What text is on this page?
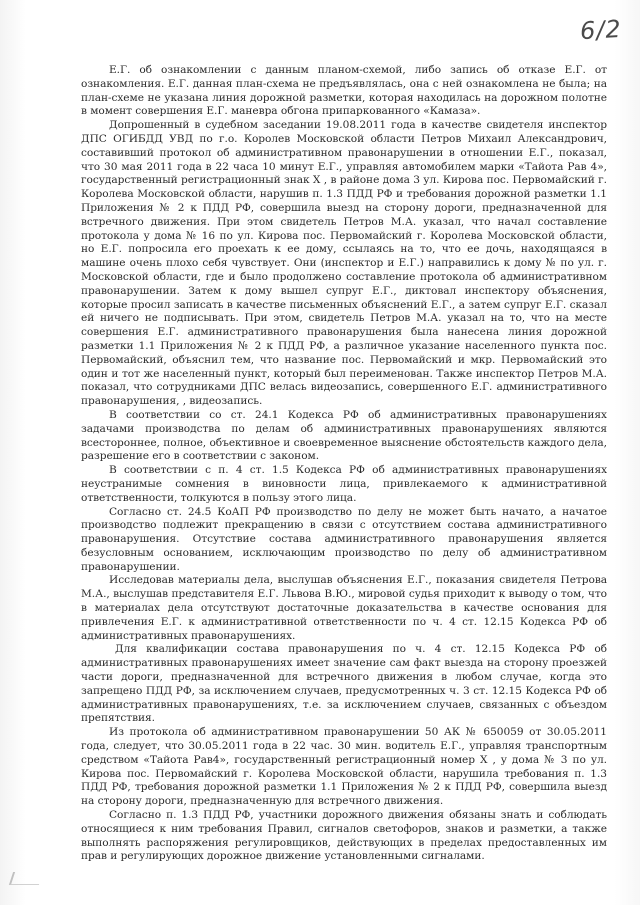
6/2

Е.Г. об ознакомлении с данным планом-схемой, либо запись об отказе Е.Г. от ознакомления. Е.Г. данная план-схема не предъявлялась, она с ней ознакомлена не была; на план-схеме не указана линия дорожной разметки, которая находилась на дорожном полотне в момент совершения Е.Г. маневра обгона припаркованного «Камаза».

Допрошенный в судебном заседании 19.08.2011 года в качестве свидетеля инспектор ДПС ОГИБДД УВД по г.о. Королев Московской области Петров Михаил Александрович, составивший протокол об административном правонарушении в отношении Е.Г., показал, что 30 мая 2011 года в 22 часа 10 минут Е.Г., управляя автомобилем марки «Тайота Рав 4», государственный регистрационный знак Х , в районе дома 3 ул. Кирова пос. Первомайский г. Королева Московской области, нарушив п. 1.3 ПДД РФ и требования дорожной разметки 1.1 Приложения № 2 к ПДД РФ, совершила выезд на сторону дороги, предназначенной для встречного движения. При этом свидетель Петров М.А. указал, что начал составление протокола у дома № 16 по ул. Кирова пос. Первомайский г. Королева Московской области, но Е.Г. попросила его проехать к ее дому, ссылаясь на то, что ее дочь, находящаяся в машине очень плохо себя чувствует. Они (инспектор и Е.Г.) направились к дому № по ул. г. Московской области, где и было продолжено составление протокола об административном правонарушении. Затем к дому вышел супруг Е.Г., диктовал инспектору объяснения, которые просил записать в качестве письменных объяснений Е.Г., а затем супруг Е.Г. сказал ей ничего не подписывать. При этом, свидетель Петров М.А. указал на то, что на месте совершения Е.Г. административного правонарушения была нанесена линия дорожной разметки 1.1 Приложения № 2 к ПДД РФ, а различное указание населенного пункта пос. Первомайский, объяснил тем, что название пос. Первомайский и мкр. Первомайский это один и тот же населенный пункт, который был переименован. Также инспектор Петров М.А. показал, что сотрудниками ДПС велась видеозапись, совершенного Е.Г. административного правонарушения, , видеозапись.

В соответствии со ст. 24.1 Кодекса РФ об административных правонарушениях задачами производства по делам об административных правонарушениях являются всестороннее, полное, объективное и своевременное выяснение обстоятельств каждого дела, разрешение его в соответствии с законом.

В соответствии с п. 4 ст. 1.5 Кодекса РФ об административных правонарушениях неустранимые сомнения в виновности лица, привлекаемого к административной ответственности, толкуются в пользу этого лица.

Согласно ст. 24.5 КоАП РФ производство по делу не может быть начато, а начатое производство подлежит прекращению в связи с отсутствием состава административного правонарушения. Отсутствие состава административного правонарушения является безусловным основанием, исключающим производство по делу об административном правонарушении.

Исследовав материалы дела, выслушав объяснения Е.Г., показания свидетеля Петрова М.А., выслушав представителя Е.Г. Львова В.Ю., мировой судья приходит к выводу о том, что в материалах дела отсутствуют достаточные доказательства в качестве основания для привлечения Е.Г. к административной ответственности по ч. 4 ст. 12.15 Кодекса РФ об административных правонарушениях.

Для квалификации состава правонарушения по ч. 4 ст. 12.15 Кодекса РФ об административных правонарушениях имеет значение сам факт выезда на сторону проезжей части дороги, предназначенной для встречного движения в любом случае, когда это запрещено ПДД РФ, за исключением случаев, предусмотренных ч. 3 ст. 12.15 Кодекса РФ об административных правонарушениях, т.е. за исключением случаев, связанных с объездом препятствия.

Из протокола об административном правонарушении 50 АК № 650059 от 30.05.2011 года, следует, что 30.05.2011 года в 22 час. 30 мин. водитель Е.Г., управляя транспортным средством «Тайота Рав4», государственный регистрационный номер Х , у дома № 3 по ул. Кирова пос. Первомайский г. Королева Московской области, нарушила требования п. 1.3 ПДД РФ, требования дорожной разметки 1.1 Приложения № 2 к ПДД РФ, совершила выезд на сторону дороги, предназначенную для встречного движения.

Согласно п. 1.3 ПДД РФ, участники дорожного движения обязаны знать и соблюдать относящиеся к ним требования Правил, сигналов светофоров, знаков и разметки, а также выполнять распоряжения регулировщиков, действующих в пределах предоставленных им прав и регулирующих дорожное движение установленными сигналами.
